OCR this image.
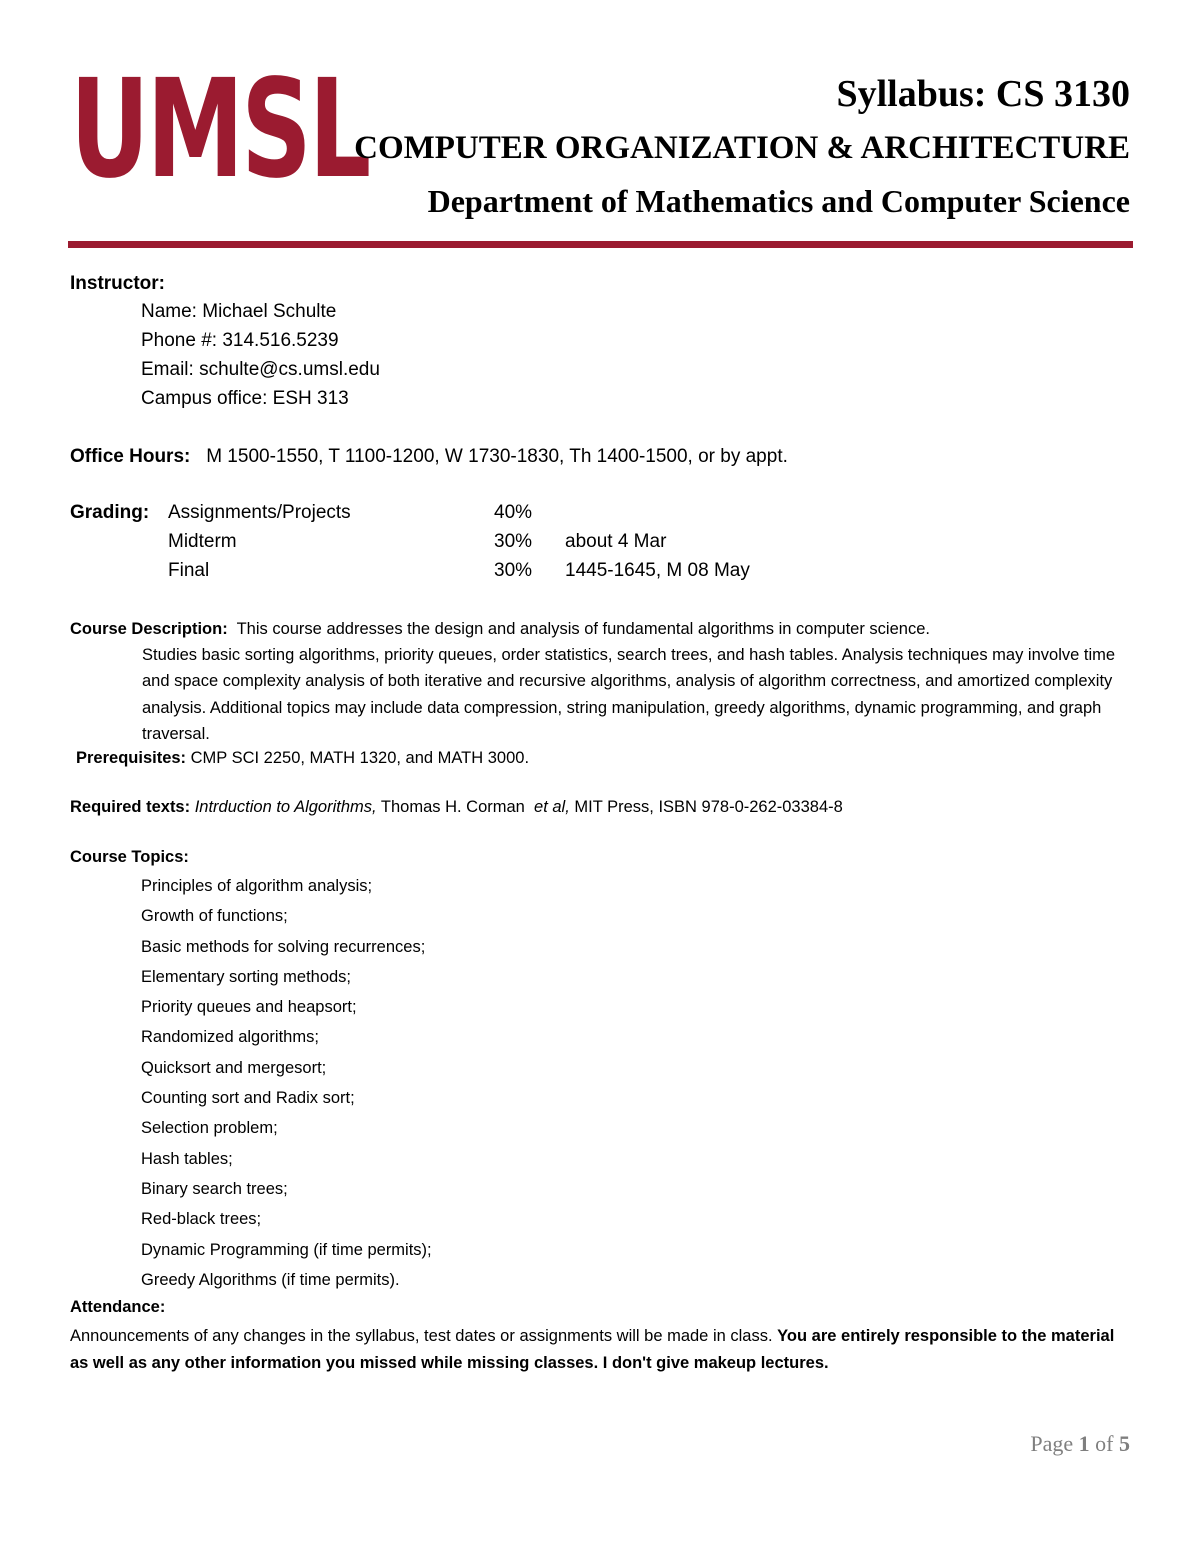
UMSL	Syllabus: CS 3130
COMPUTER ORGANIZATION & ARCHITECTURE
Department of Mathematics and Computer Science
Instructor:
Name: Michael Schulte
Phone #: 314.516.5239
Email: schulte@cs.umsl.edu
Campus office: ESH 313
Office Hours: M 1500-1550, T 1100-1200, W 1730-1830, Th 1400-1500, or by appt.
Grading: Assignments/Projects	40%
Midterm	30% about 4 Mar
Final	30% 1445-1645, M 08 May
Course Description: This course addresses the design and analysis of fundamental algorithms in computer science.
Studies basic sorting algorithms, priority queues, order statistics, search trees, and hash tables. Analysis techniques may involve time and space complexity analysis of both iterative and recursive algorithms, analysis of algorithm correctness, and amortized complexity analysis. Additional topics may include data compression, string manipulation, greedy algorithms, dynamic programming, and graph traversal.
Prerequisites: CMP SCI 2250, MATH 1320, and MATH 3000.
Required texts: Intrduction to Algorithms, Thomas H. Corman et al, MIT Press, ISBN 978-0-262-03384-8
Course Topics:
Principles of algorithm analysis;
Growth of functions;
Basic methods for solving recurrences;
Elementary sorting methods;
Priority queues and heapsort;
Randomized algorithms;
Quicksort and mergesort;
Counting sort and Radix sort;
Selection problem;
Hash tables;
Binary search trees;
Red-black trees;
Dynamic Programming (if time permits);
Greedy Algorithms (if time permits).
Attendance:
Announcements of any changes in the syllabus, test dates or assignments will be made in class. You are entirely responsible to the material as well as any other information you missed while missing classes. I don't give makeup lectures.
Page 1 of 5
